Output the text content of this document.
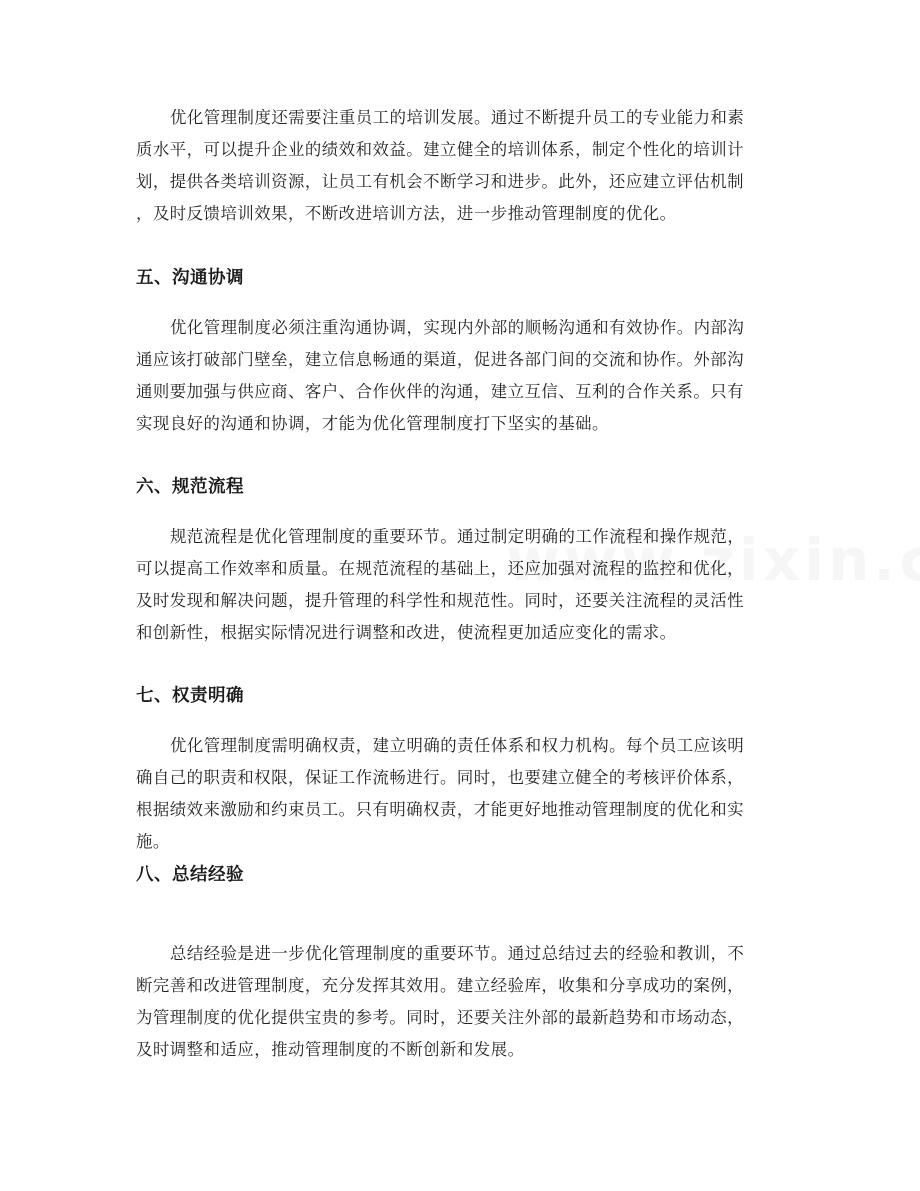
优化管理制度还需要注重员工的培训发展。通过不断提升员工的专业能力和素
质水平，可以提升企业的绩效和效益。建立健全的培训体系，制定个性化的培训计
划，提供各类培训资源，让员工有机会不断学习和进步。此外，还应建立评估机制
，及时反馈培训效果，不断改进培训方法，进一步推动管理制度的优化。
五、沟通协调
优化管理制度必须注重沟通协调，实现内外部的顺畅沟通和有效协作。内部沟
通应该打破部门壁垒，建立信息畅通的渠道，促进各部门间的交流和协作。外部沟
通则要加强与供应商、客户、合作伙伴的沟通，建立互信、互利的合作关系。只有
实现良好的沟通和协调，才能为优化管理制度打下坚实的基础。
六、规范流程
规范流程是优化管理制度的重要环节。通过制定明确的工作流程和操作规范，
可以提高工作效率和质量。在规范流程的基础上，还应加强对流程的监控和优化，
及时发现和解决问题，提升管理的科学性和规范性。同时，还要关注流程的灵活性
和创新性，根据实际情况进行调整和改进，使流程更加适应变化的需求。
七、权责明确
优化管理制度需明确权责，建立明确的责任体系和权力机构。每个员工应该明
确自己的职责和权限，保证工作流畅进行。同时，也要建立健全的考核评价体系，
根据绩效来激励和约束员工。只有明确权责，才能更好地推动管理制度的优化和实
施。
八、总结经验
总结经验是进一步优化管理制度的重要环节。通过总结过去的经验和教训，不
断完善和改进管理制度，充分发挥其效用。建立经验库，收集和分享成功的案例，
为管理制度的优化提供宝贵的参考。同时，还要关注外部的最新趋势和市场动态，
及时调整和适应，推动管理制度的不断创新和发展。
